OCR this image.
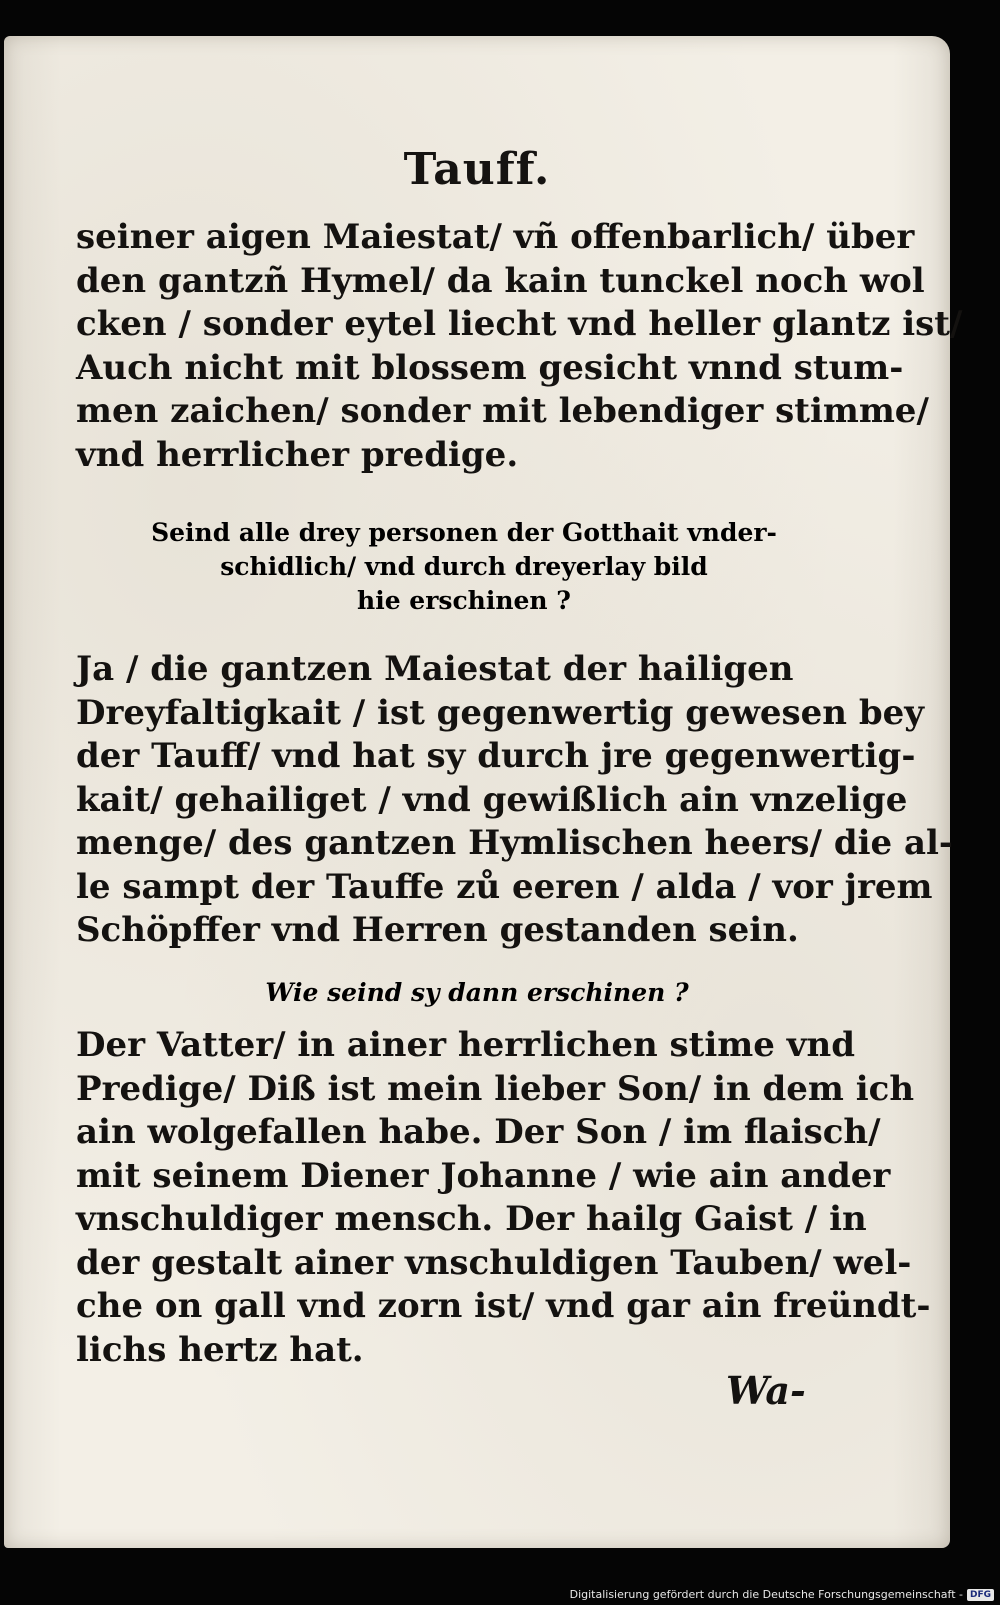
Tauff.
seiner aigen Maiestat/ vñ offenbarlich/ über
den gantzñ Hymel/ da kain tunckel noch wol
cken / sonder eytel liecht vnd heller glantz ist/
Auch nicht mit blossem gesicht vnnd stum-
men zaichen/ sonder mit lebendiger stimme/
vnd herrlicher predige.
Seind alle drey personen der Gotthait vnder-
schidlich/ vnd durch dreyerlay bild
hie erschinen ?
Ja / die gantzen Maiestat der hailigen
Dreyfaltigkait / ist gegenwertig gewesen bey
der Tauff/ vnd hat sy durch jre gegenwertig-
kait/ gehailiget / vnd gewißlich ain vnzelige
menge/ des gantzen Hymlischen heers/ die al-
le sampt der Tauffe zů eeren / alda / vor jrem
Schöpffer vnd Herren gestanden sein.
Wie seind sy dann erschinen ?
Der Vatter/ in ainer herrlichen stime vnd
Predige/ Diß ist mein lieber Son/ in dem ich
ain wolgefallen habe. Der Son / im flaisch/
mit seinem Diener Johanne / wie ain ander
vnschuldiger mensch. Der hailg Gaist / in
der gestalt ainer vnschuldigen Tauben/ wel-
che on gall vnd zorn ist/ vnd gar ain freündt-
lichs hertz hat.
Wa-
Digitalisierung gefördert durch die Deutsche Forschungsgemeinschaft - DFG
